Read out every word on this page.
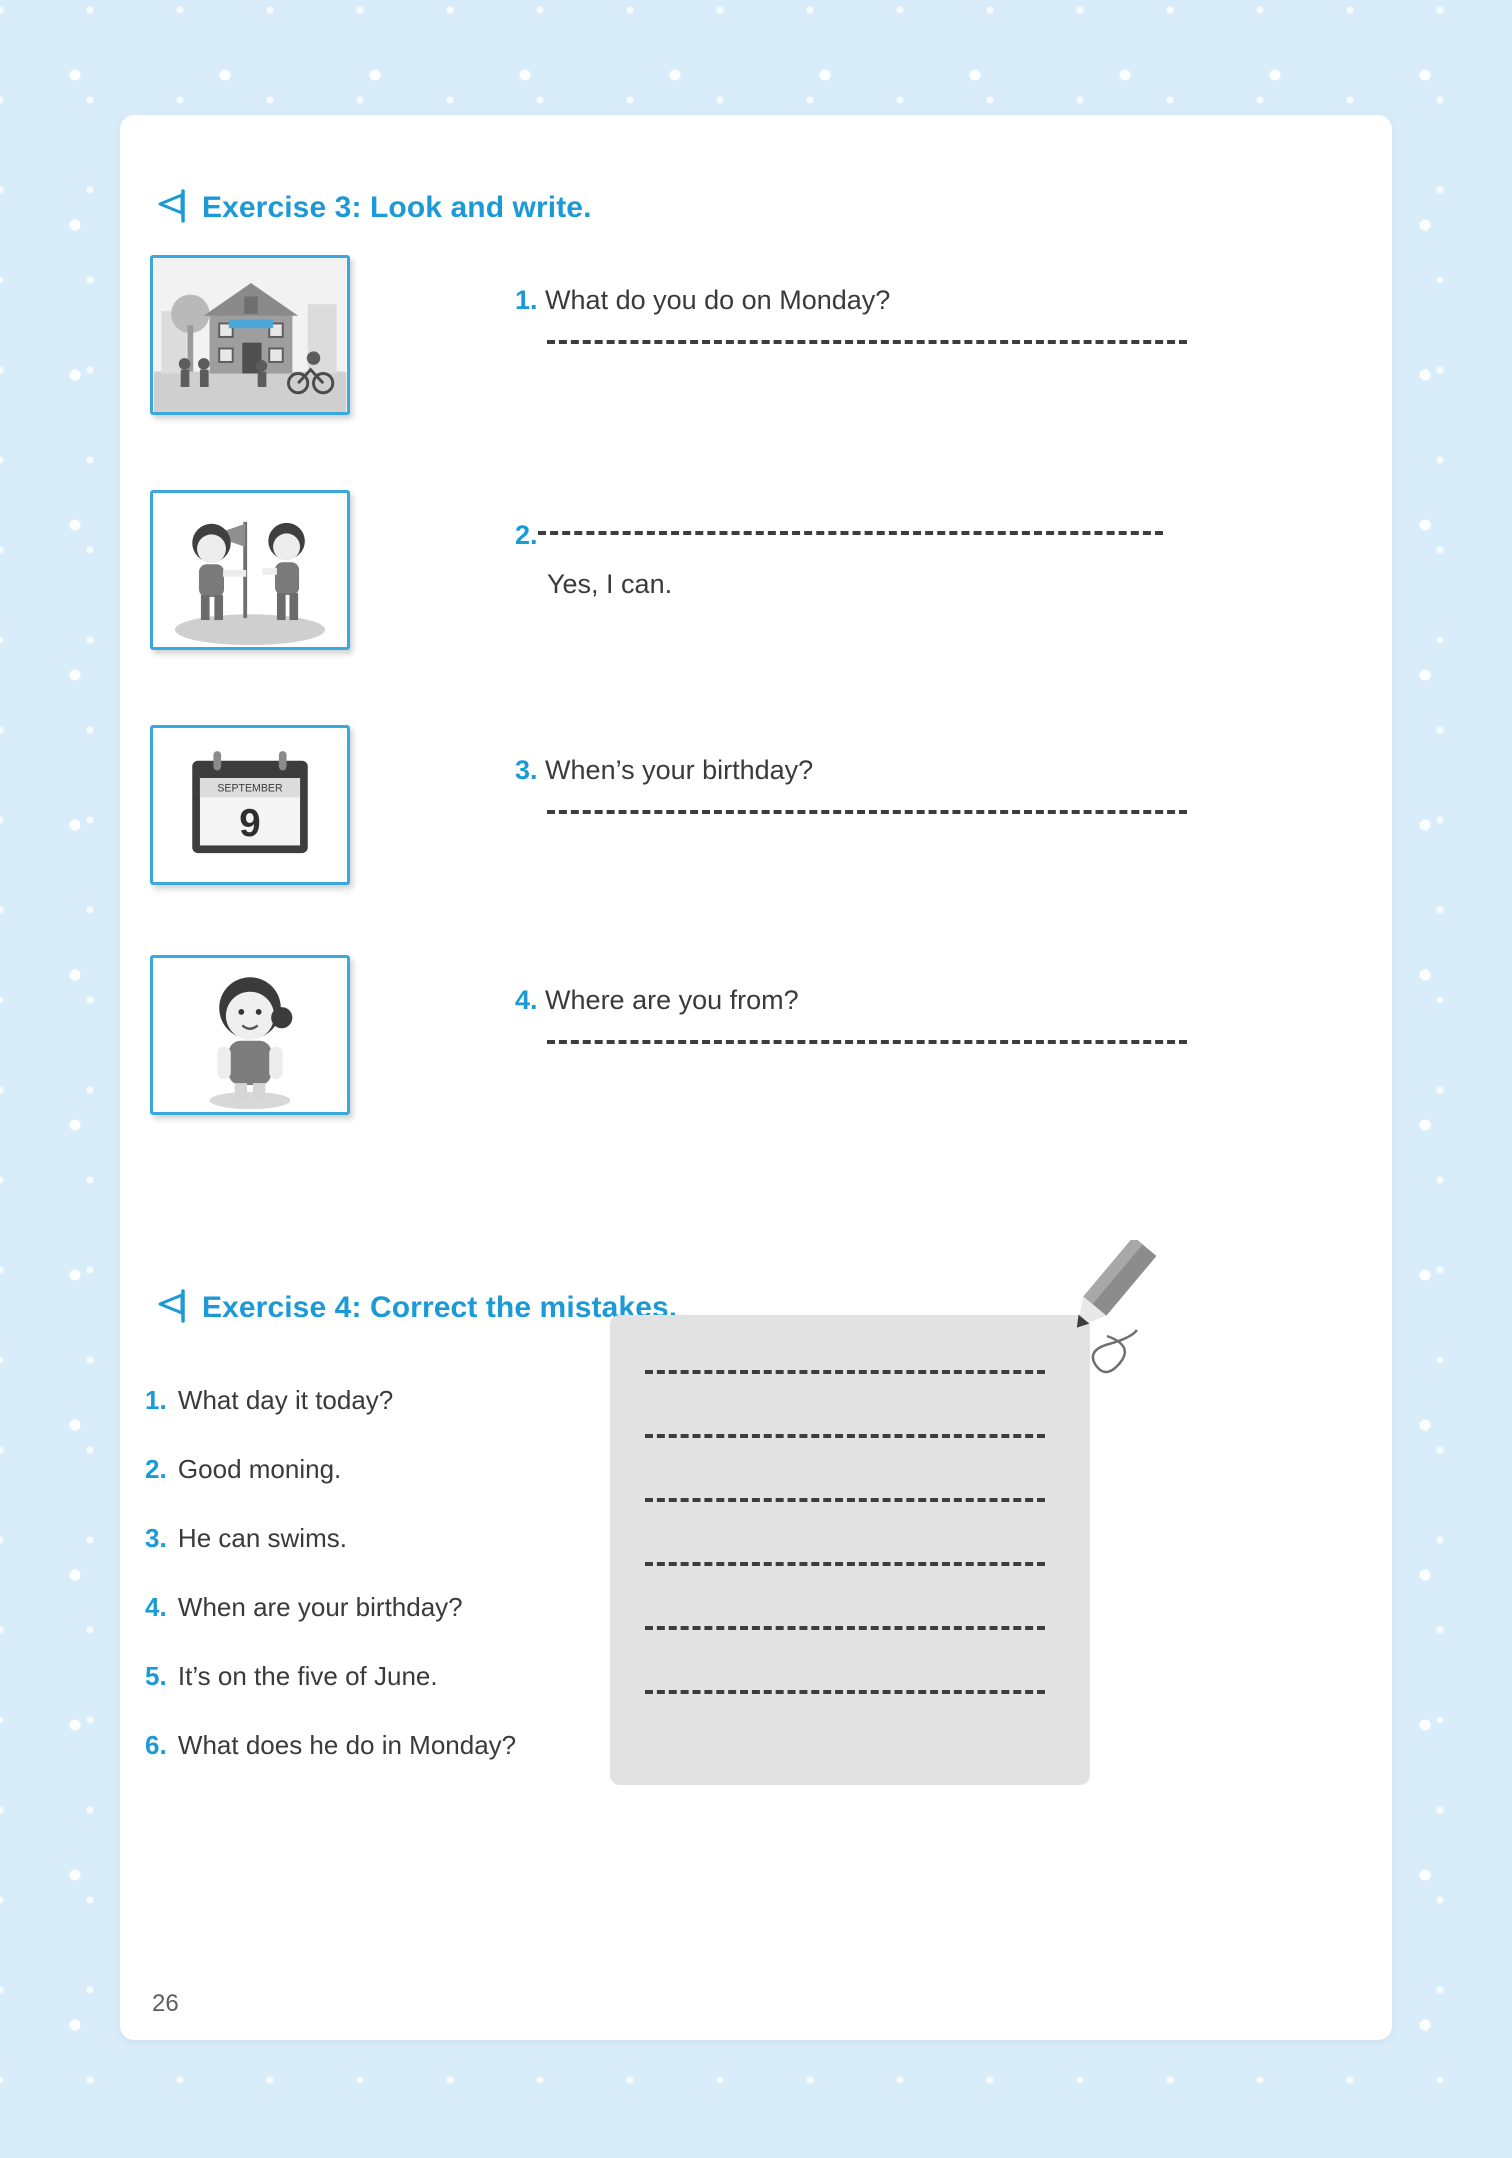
Exercise 3: Look and write.
1. What do you do on Monday?
2.
Yes, I can.
SEPTEMBER
9
3. When’s your birthday?
4. Where are you from?
Exercise 4: Correct the mistakes.
1. What day it today?
2. Good moning.
3. He can swims.
4. When are your birthday?
5. It’s on the five of June.
6. What does he do in Monday?
26
